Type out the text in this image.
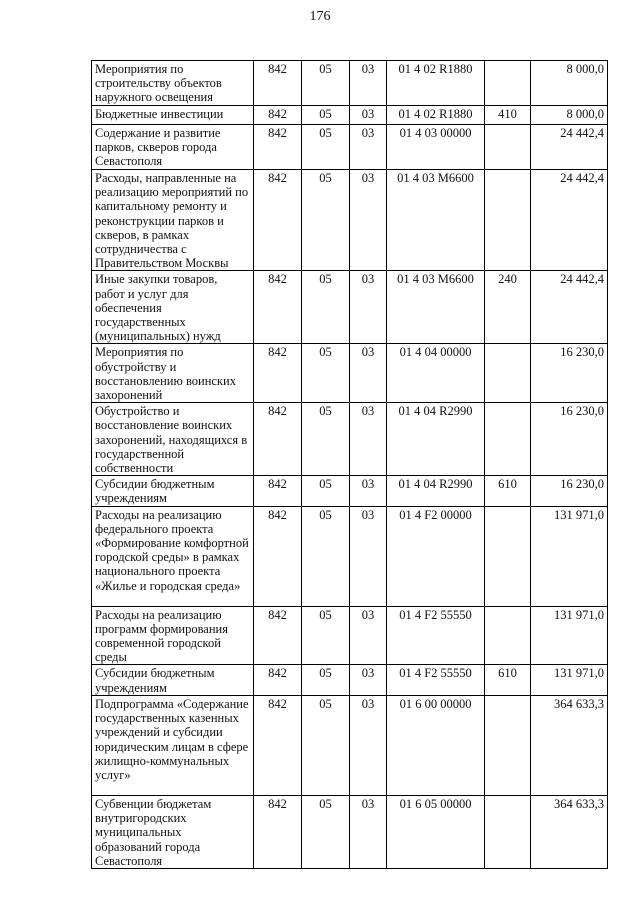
176
Мероприятия по строительству объектов наружного освещения	842	05	03	01 4 02 R1880		8 000,0
Бюджетные инвестиции	842	05	03	01 4 02 R1880	410	8 000,0
Содержание и развитие парков, скверов города Севастополя	842	05	03	01 4 03 00000		24 442,4
Расходы, направленные на реализацию мероприятий по капитальному ремонту и реконструкции парков и скверов, в рамках сотрудничества с Правительством Москвы	842	05	03	01 4 03 M6600		24 442,4
Иные закупки товаров, работ и услуг для обеспечения государственных (муниципальных) нужд	842	05	03	01 4 03 M6600	240	24 442,4
Мероприятия по обустройству и восстановлению воинских захоронений	842	05	03	01 4 04 00000		16 230,0
Обустройство и восстановление воинских захоронений, находящихся в государственной собственности	842	05	03	01 4 04 R2990		16 230,0
Субсидии бюджетным учреждениям	842	05	03	01 4 04 R2990	610	16 230,0
Расходы на реализацию федерального проекта «Формирование комфортной городской среды» в рамках национального проекта «Жилье и городская среда»	842	05	03	01 4 F2 00000		131 971,0
Расходы на реализацию программ формирования современной городской среды	842	05	03	01 4 F2 55550		131 971,0
Субсидии бюджетным учреждениям	842	05	03	01 4 F2 55550	610	131 971,0
Подпрограмма «Содержание государственных казенных учреждений и субсидии юридическим лицам в сфере жилищно-коммунальных услуг»	842	05	03	01 6 00 00000		364 633,3
Субвенции бюджетам внутригородских муниципальных образований города Севастополя	842	05	03	01 6 05 00000		364 633,3
